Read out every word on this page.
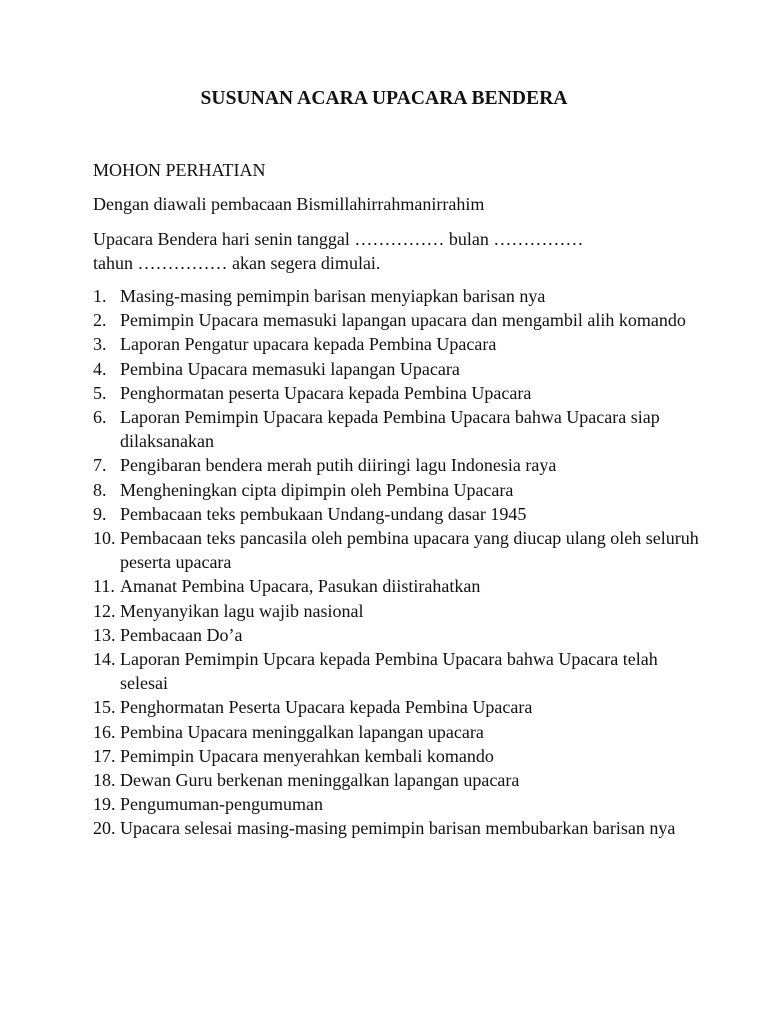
SUSUNAN ACARA UPACARA BENDERA
MOHON PERHATIAN
Dengan diawali pembacaan Bismillahirrahmanirrahim
Upacara Bendera hari senin tanggal …………… bulan ……………
tahun …………… akan segera dimulai.
1. Masing-masing pemimpin barisan menyiapkan barisan nya
2. Pemimpin Upacara memasuki lapangan upacara dan mengambil alih komando
3. Laporan Pengatur upacara kepada Pembina Upacara
4. Pembina Upacara memasuki lapangan Upacara
5. Penghormatan peserta Upacara kepada Pembina Upacara
6. Laporan Pemimpin Upacara kepada Pembina Upacara bahwa Upacara siap dilaksanakan
7. Pengibaran bendera merah putih diiringi lagu Indonesia raya
8. Mengheningkan cipta dipimpin oleh Pembina Upacara
9. Pembacaan teks pembukaan Undang-undang dasar 1945
10. Pembacaan teks pancasila oleh pembina upacara yang diucap ulang oleh seluruh peserta upacara
11. Amanat Pembina Upacara, Pasukan diistirahatkan
12. Menyanyikan lagu wajib nasional
13. Pembacaan Do’a
14. Laporan Pemimpin Upcara kepada Pembina Upacara bahwa Upacara telah selesai
15. Penghormatan Peserta Upacara kepada Pembina Upacara
16. Pembina Upacara meninggalkan lapangan upacara
17. Pemimpin Upacara menyerahkan kembali komando
18. Dewan Guru berkenan meninggalkan lapangan upacara
19. Pengumuman-pengumuman
20. Upacara selesai masing-masing pemimpin barisan membubarkan barisan nya
